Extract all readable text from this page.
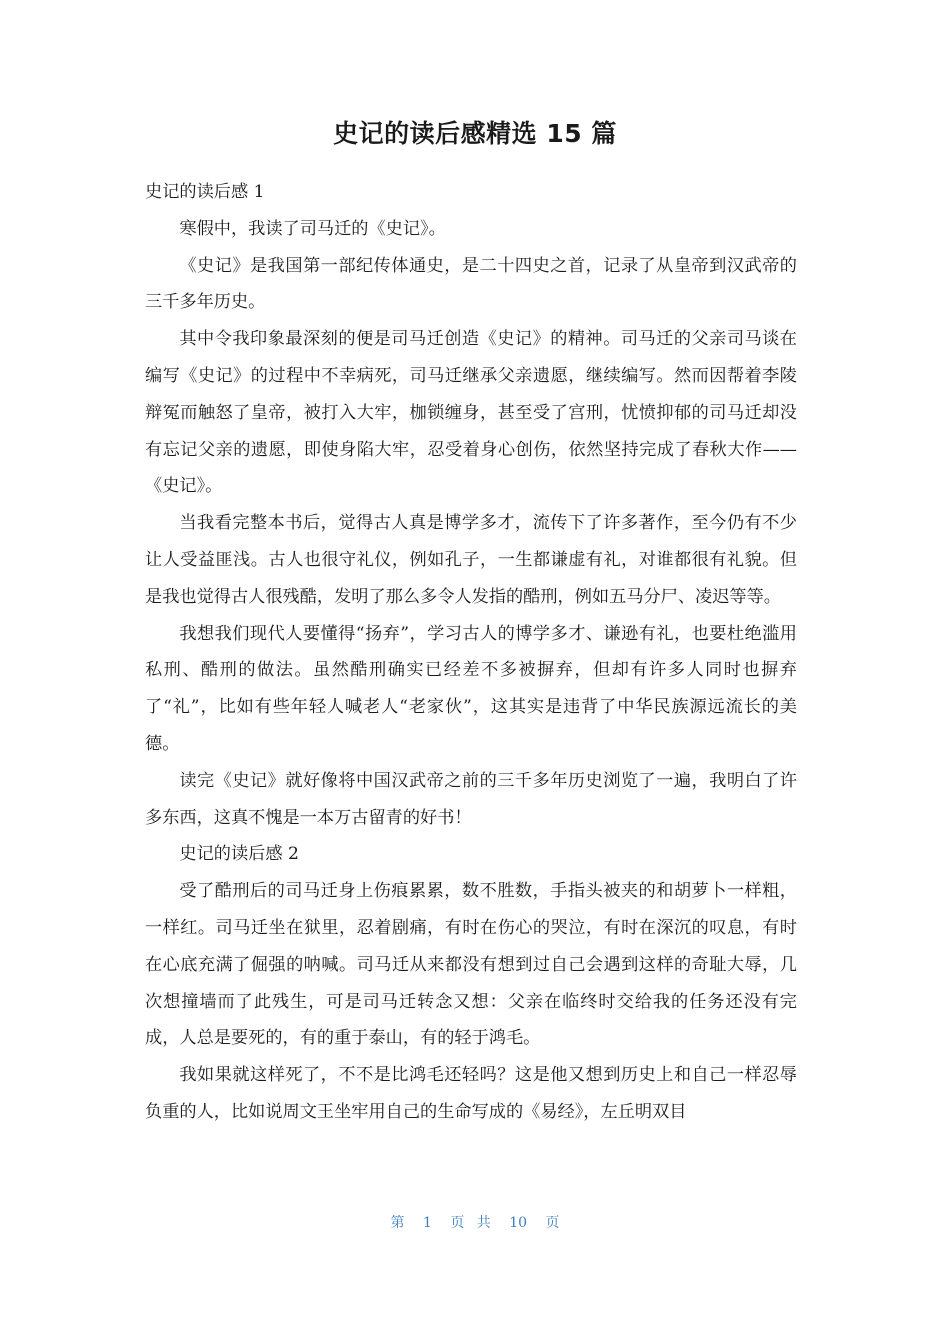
史记的读后感精选 15 篇

史记的读后感 1

寒假中，我读了司马迁的《史记》。

《史记》是我国第一部纪传体通史，是二十四史之首，记录了从皇帝到汉武帝的三千多年历史。

其中令我印象最深刻的便是司马迁创造《史记》的精神。司马迁的父亲司马谈在编写《史记》的过程中不幸病死，司马迁继承父亲遗愿，继续编写。然而因帮着李陵辩冤而触怒了皇帝，被打入大牢，枷锁缠身，甚至受了宫刑，忧愤抑郁的司马迁却没有忘记父亲的遗愿，即使身陷大牢，忍受着身心创伤，依然坚持完成了春秋大作——《史记》。

当我看完整本书后，觉得古人真是博学多才，流传下了许多著作，至今仍有不少让人受益匪浅。古人也很守礼仪，例如孔子，一生都谦虚有礼，对谁都很有礼貌。但是我也觉得古人很残酷，发明了那么多令人发指的酷刑，例如五马分尸、凌迟等等。

我想我们现代人要懂得“扬弃”，学习古人的博学多才、谦逊有礼，也要杜绝滥用私刑、酷刑的做法。虽然酷刑确实已经差不多被摒弃，但却有许多人同时也摒弃了“礼”，比如有些年轻人喊老人“老家伙”，这其实是违背了中华民族源远流长的美德。

读完《史记》就好像将中国汉武帝之前的三千多年历史浏览了一遍，我明白了许多东西，这真不愧是一本万古留青的好书！

史记的读后感 2

受了酷刑后的司马迁身上伤痕累累，数不胜数，手指头被夹的和胡萝卜一样粗，一样红。司马迁坐在狱里，忍着剧痛，有时在伤心的哭泣，有时在深沉的叹息，有时在心底充满了倔强的呐喊。司马迁从来都没有想到过自己会遇到这样的奇耻大辱，几次想撞墙而了此残生，可是司马迁转念又想：父亲在临终时交给我的任务还没有完成，人总是要死的，有的重于泰山，有的轻于鸿毛。

我如果就这样死了，不不是比鸿毛还轻吗？这是他又想到历史上和自己一样忍辱负重的人，比如说周文王坐牢用自己的生命写成的《易经》，左丘明双目

第 1 页 共 10 页
